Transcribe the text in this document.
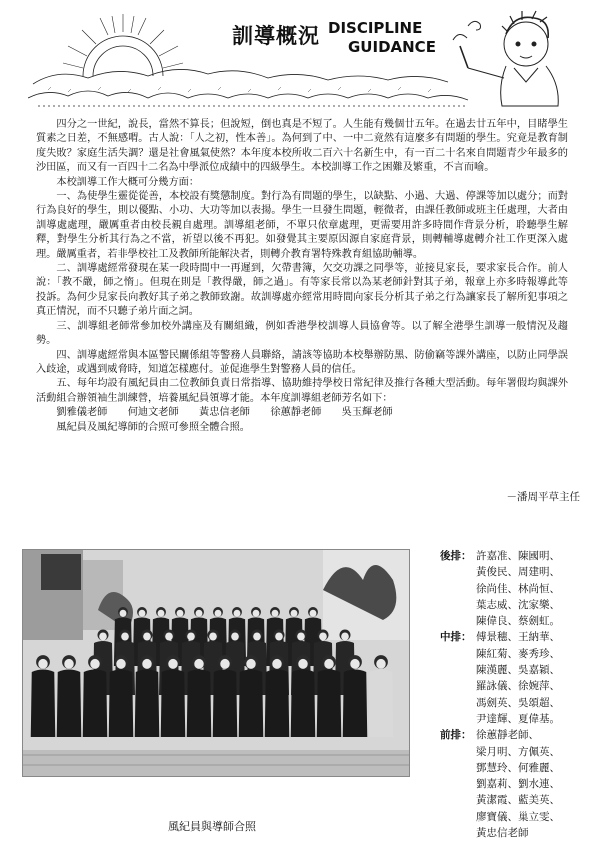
訓導概況 DISCIPLINE
GUIDANCE

四分之一世紀，說長，當然不算長；但說短，倒也真是不短了。人生能有幾個廿五年。在過去廿五年中，目睹學生質素之日差，不無感喟。古人說：「人之初，性本善」。為何到了中、一中二竟然有這麼多有問題的學生。究竟是教育制度失敗？家庭生活失調？還是社會風氣使然？本年度本校所收二百六十名新生中，有一百二十名來自問題青少年最多的沙田區，而又有一百四十二名為中學派位成績中的四級學生。本校訓導工作之困難及繁重，不言而喻。

本校訓導工作大概可分幾方面：

一、為使學生靈從從善，本校設有獎懲制度。對行為有問題的學生，以缺點、小過、大過、停課等加以處分；而對行為良好的學生，則以優點、小功、大功等加以表揚。學生一旦發生問題，輕微者，由課任教師或班主任處理，大者由訓導處處理，嚴厲重者由校長親自處理。訓導組老師，不單只依章處理，更需要用許多時間作背景分析，聆聽學生解釋，對學生分析其行為之不當，祈望以後不再犯。如發覺其主要原因源自家庭背景，則轉輔導處轉介社工作更深入處理。嚴厲重者，若非學校社工及教師所能解決者，則轉介教育署特殊教育組協助輔導。

二、訓導處經常發現在某一段時間中一再遲到，欠帶書簿，欠交功課之同學等，並接見家長，要求家長合作。前人說：「教不嚴，師之惰」。但現在則是「教得嚴，師之過」。有等家長常以為某老師針對其子弟，報章上亦多時報導此等投訴。為何少見家長向教好其子弟之教師致謝。故訓導處亦經常用時間向家長分析其子弟之行為讓家長了解所犯事項之真正情況，而不只聽子弟片面之詞。

三、訓導組老師常參加校外講座及有關組織，例如香港學校訓導人員協會等。以了解全港學生訓導一般情況及趨勢。

四、訓導處經常與本區警民關係組等警務人員聯絡，請該等協助本校舉辦防黑、防偷竊等課外講座，以防止同學誤入歧途，或遇到威脅時，知道怎樣應付。並促進學生對警務人員的信任。

五、每年均設有風紀員由二位教師負責日常指導、協助維持學校日常紀律及推行各種大型活動。每年署假均與課外活動組合辦領袖生訓練營，培養風紀員領導才能。本年度訓導組老師芳名如下：

劉雅儀老師　　何迪文老師　　黃忠信老師　　徐蕙靜老師　　吳玉輝老師

風紀員及風紀導師的合照可參照全體合照。

－潘周平草主任
風紀員與導師合照
後排： 許嘉准、陳國明、
黃俊民、周建明、
徐尚佳、林尚恒、
葉志威、沈家樂、
陳偉良、蔡劍虹。
中排： 傅景穗、王納華、
陳紅菊、麥秀珍、
陳漢麗、吳嘉穎、
羅詠儀、徐婉萍、
馮劍英、吳頌超、
尹達輝、夏偉基。
前排： 徐蕙靜老師、
梁月明、方佩英、
鄧慧玲、何雅麗、
劉嘉莉、劉水連、
黃潔霞、藍美英、
廖寶儀、巢立雯、
黃忠信老師
